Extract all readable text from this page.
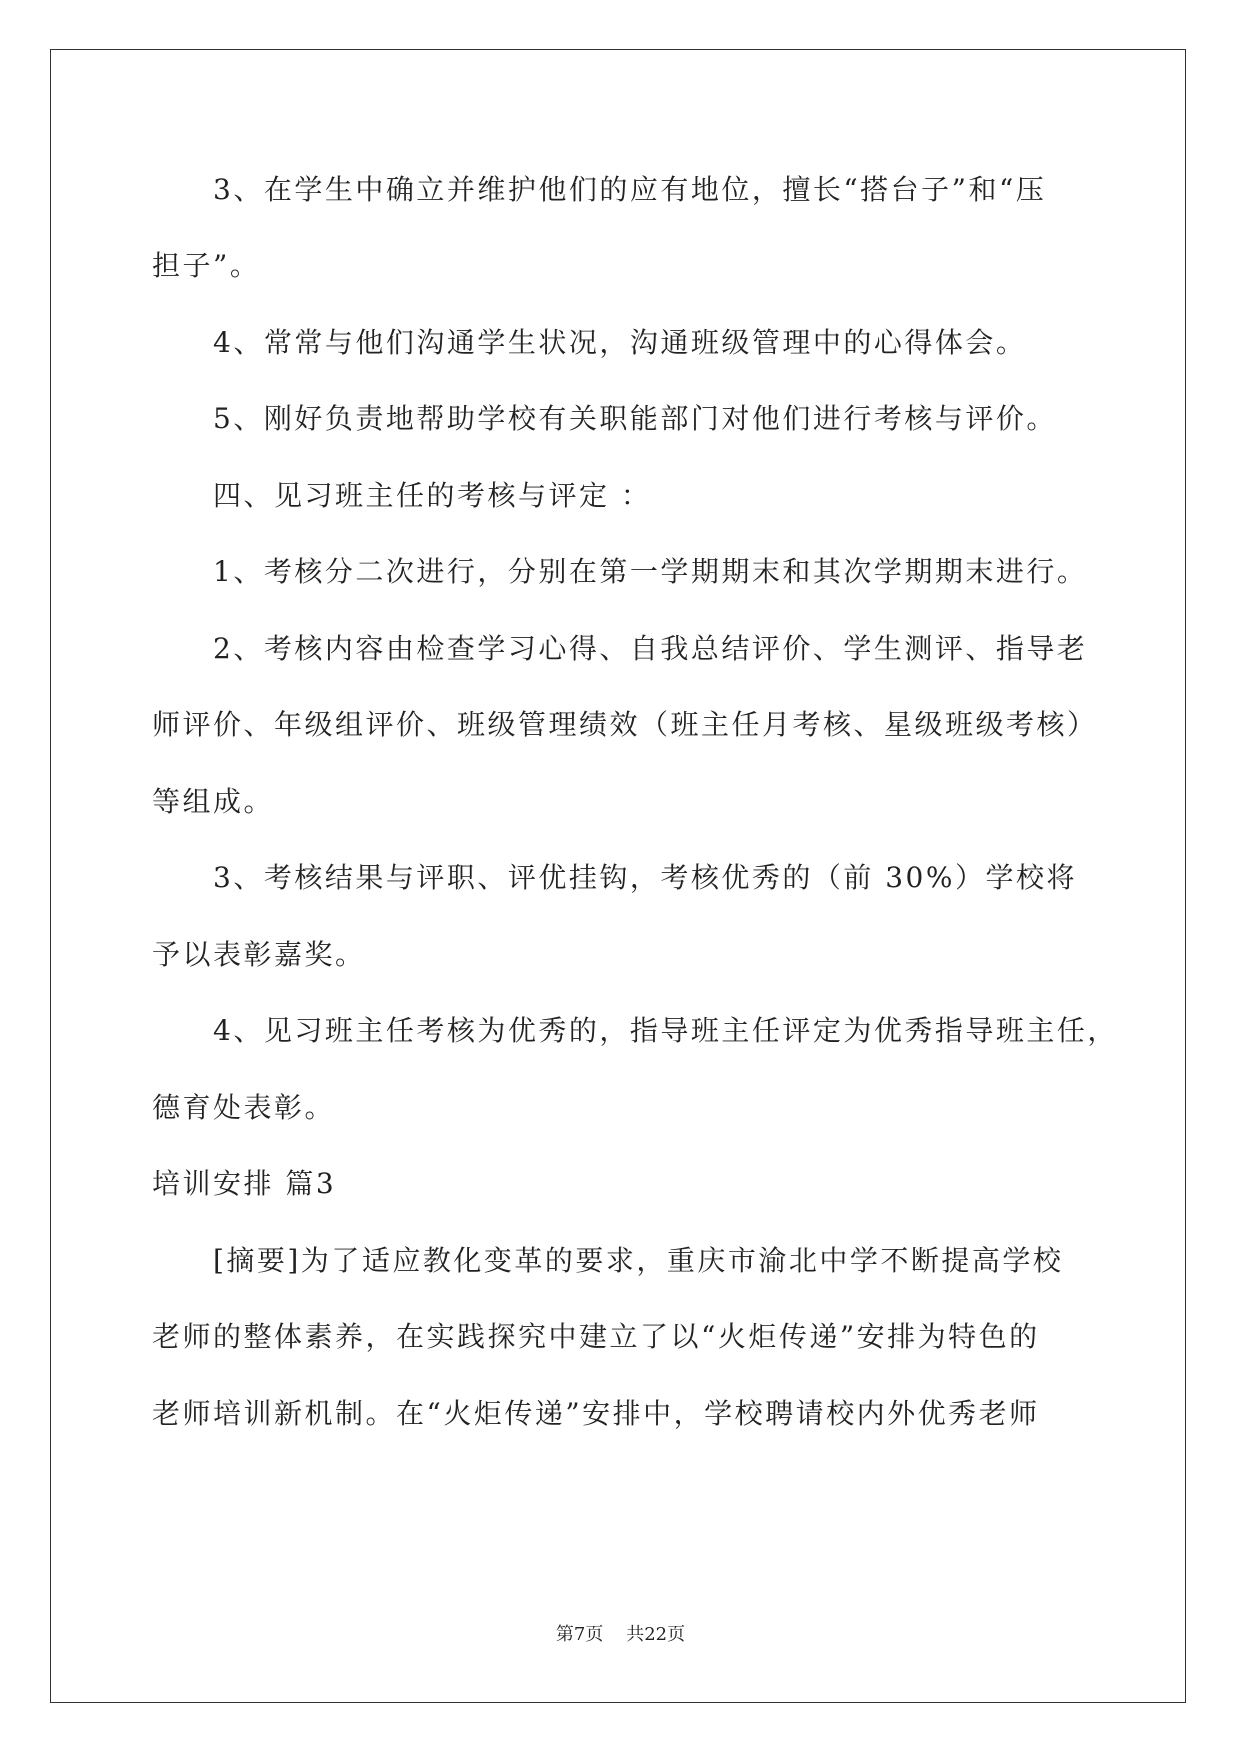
　　3、在学生中确立并维护他们的应有地位，擅长“搭台子”和“压

担子”。

　　4、常常与他们沟通学生状况，沟通班级管理中的心得体会。

　　5、刚好负责地帮助学校有关职能部门对他们进行考核与评价。

　　四、见习班主任的考核与评定 ：

　　1、考核分二次进行，分别在第一学期期末和其次学期期末进行。

　　2、考核内容由检查学习心得、自我总结评价、学生测评、指导老

师评价、年级组评价、班级管理绩效（班主任月考核、星级班级考核）

等组成。

　　3、考核结果与评职、评优挂钩，考核优秀的（前 30%）学校将

予以表彰嘉奖。

　　4、见习班主任考核为优秀的，指导班主任评定为优秀指导班主任，

德育处表彰。

培训安排 篇3

　　[摘要]为了适应教化变革的要求，重庆市渝北中学不断提高学校

老师的整体素养，在实践探究中建立了以“火炬传递”安排为特色的

老师培训新机制。在“火炬传递”安排中，学校聘请校内外优秀老师

第7页 共22页
